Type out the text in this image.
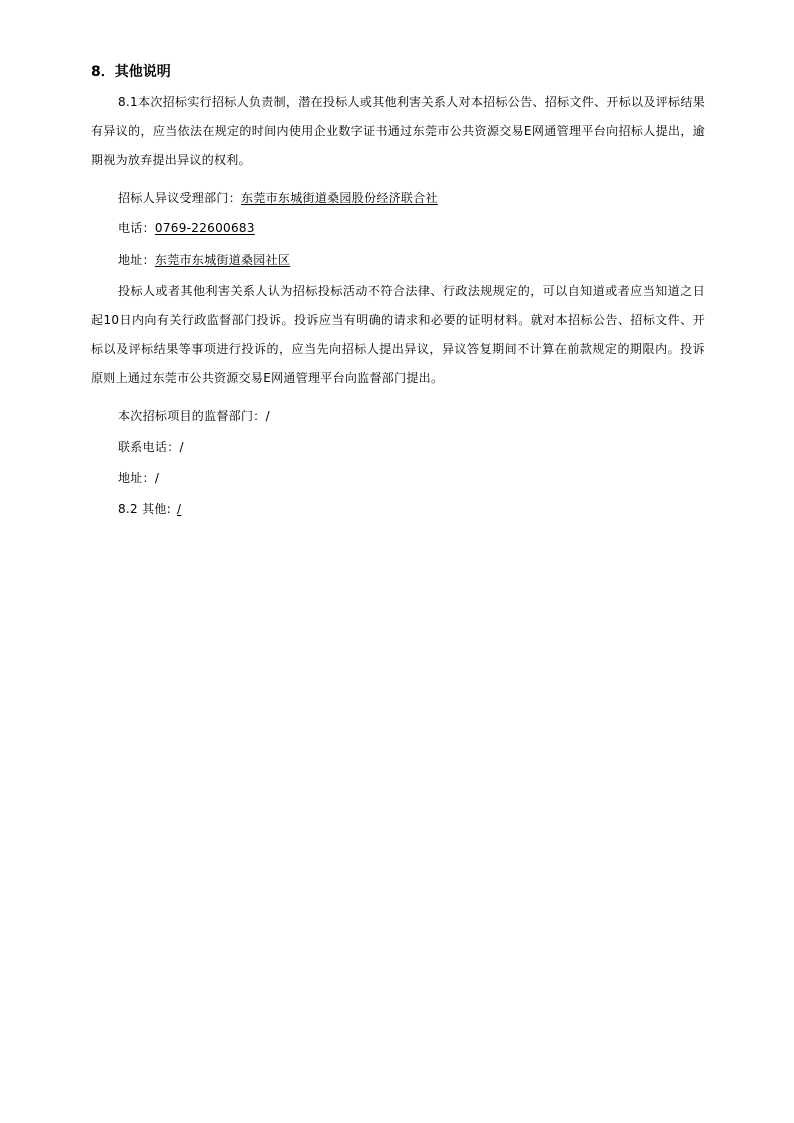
8．其他说明
8.1本次招标实行招标人负责制，潜在投标人或其他利害关系人对本招标公告、招标文件、开标以及评标结果有异议的，应当依法在规定的时间内使用企业数字证书通过东莞市公共资源交易E网通管理平台向招标人提出，逾期视为放弃提出异议的权利。
招标人异议受理部门：东莞市东城街道桑园股份经济联合社
电话：0769-22600683
地址：东莞市东城街道桑园社区
投标人或者其他利害关系人认为招标投标活动不符合法律、行政法规规定的，可以自知道或者应当知道之日起10日内向有关行政监督部门投诉。投诉应当有明确的请求和必要的证明材料。就对本招标公告、招标文件、开标以及评标结果等事项进行投诉的，应当先向招标人提出异议，异议答复期间不计算在前款规定的期限内。投诉原则上通过东莞市公共资源交易E网通管理平台向监督部门提出。
本次招标项目的监督部门：/
联系电话：/
地址：/
8.2 其他: /
